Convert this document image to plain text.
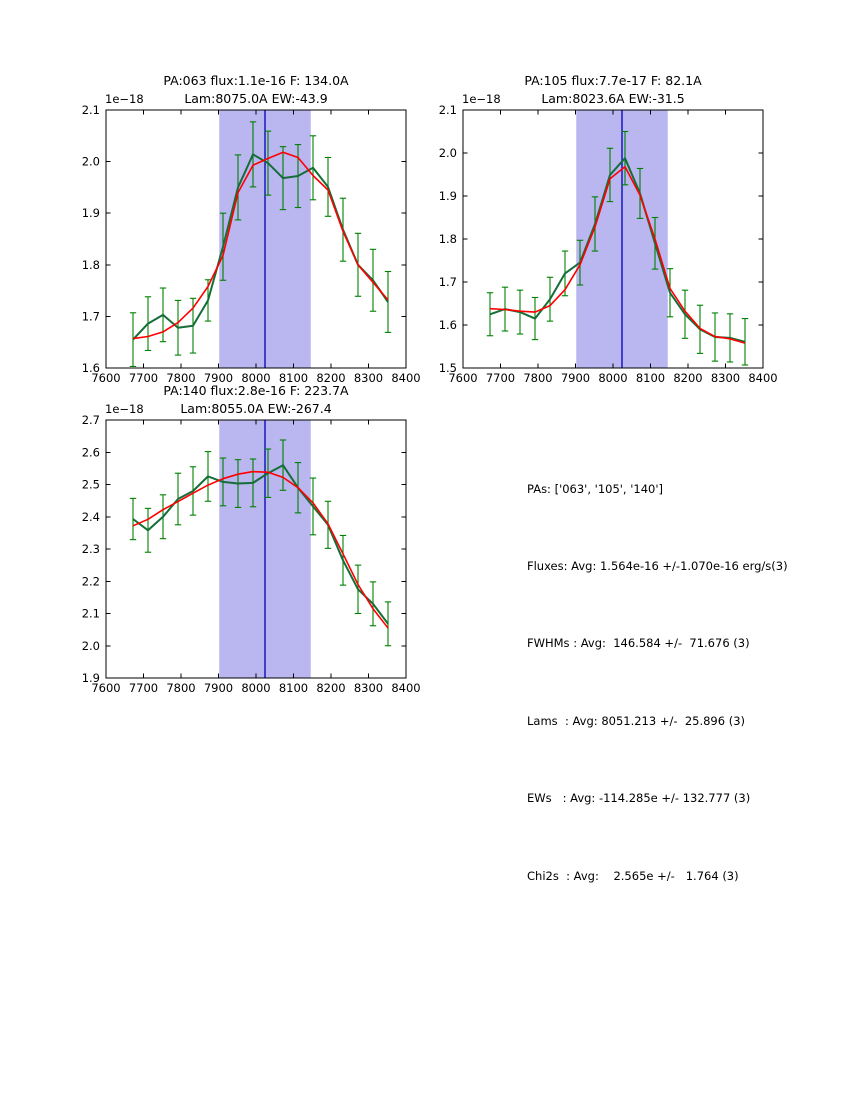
7600 7700 7800 7900 8000 8100 8200 8300 8400
1.6
1.7
1.8
1.9
2.0
2.1
1e−18
PA:063 flux:1.1e-16 F: 134.0A
Lam:8075.0A EW:-43.9
7600 7700 7800 7900 8000 8100 8200 8300 8400
1.5
1.6
1.7
1.8
1.9
2.0
2.1
1e−18
PA:105 flux:7.7e-17 F: 82.1A
Lam:8023.6A EW:-31.5
7600 7700 7800 7900 8000 8100 8200 8300 8400
1.9
2.0
2.1
2.2
2.3
2.4
2.5
2.6
2.7
1e−18
PA:140 flux:2.8e-16 F: 223.7A
Lam:8055.0A EW:-267.4

PAs: ['063', '105', '140']

Fluxes: Avg: 1.564e-16 +/-1.070e-16 erg/s(3)

FWHMs : Avg:  146.584 +/-  71.676 (3)

Lams  : Avg: 8051.213 +/-  25.896 (3)

EWs   : Avg: -114.285e +/- 132.777 (3)

Chi2s  : Avg:    2.565e +/-   1.764 (3)
